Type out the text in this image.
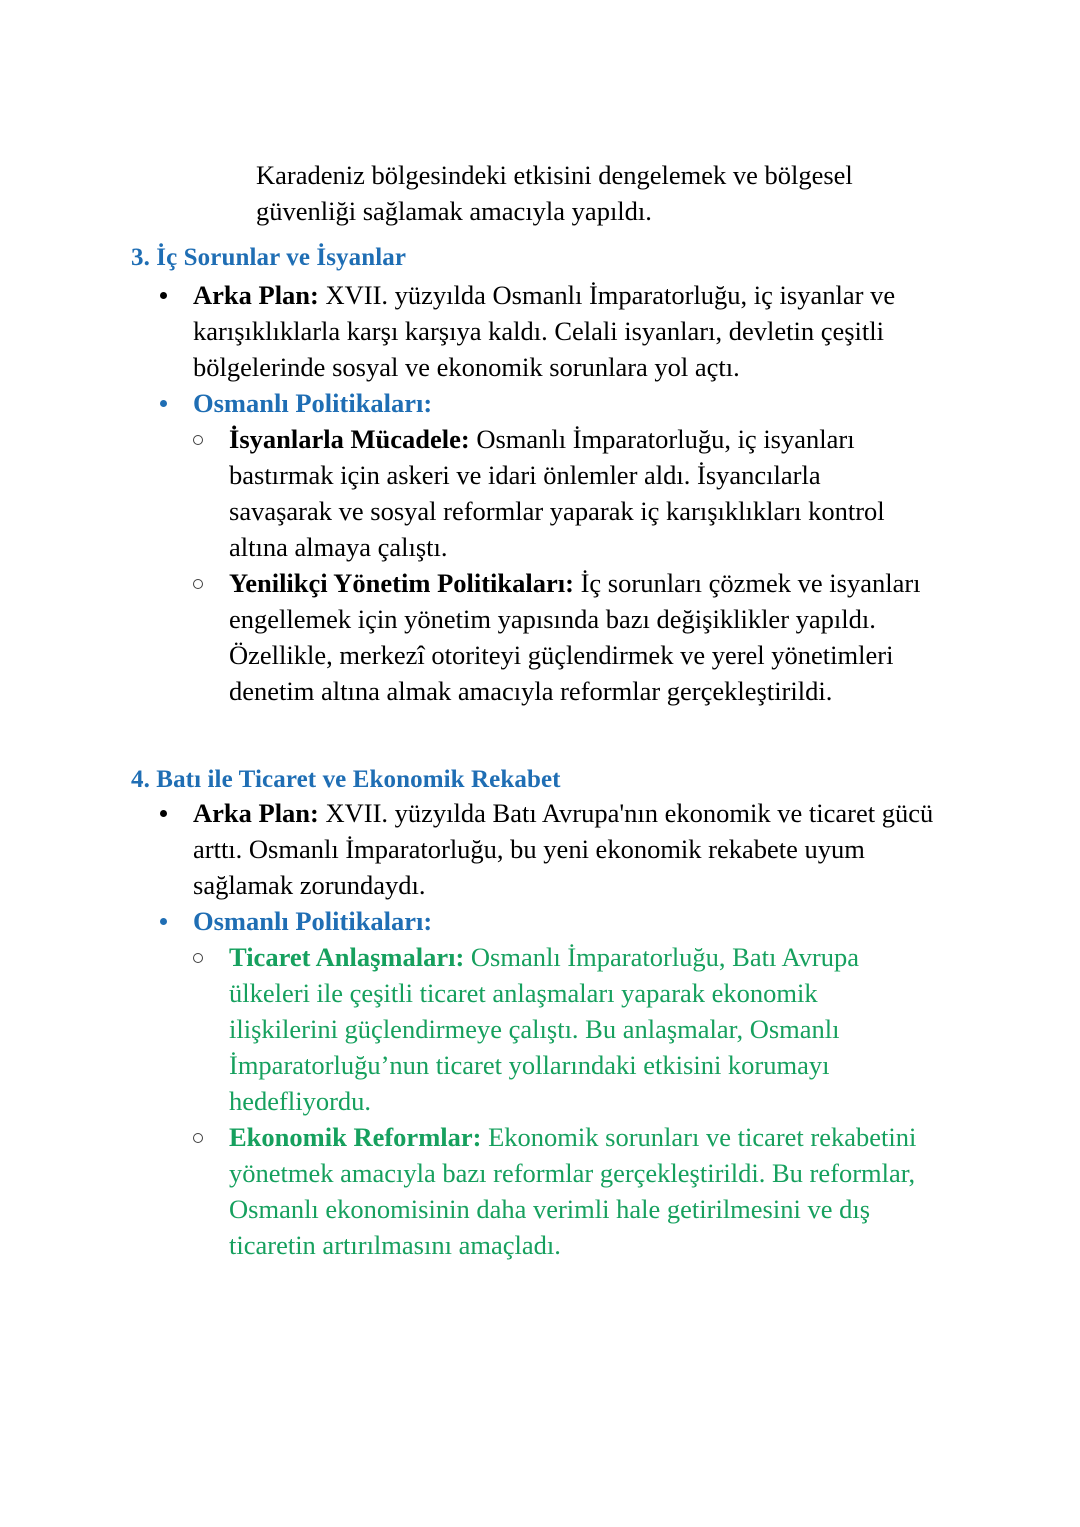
Karadeniz bölgesindeki etkisini dengelemek ve bölgesel güvenliği sağlamak amacıyla yapıldı.

3. İç Sorunlar ve İsyanlar
Arka Plan: XVII. yüzyılda Osmanlı İmparatorluğu, iç isyanlar ve karışıklıklarla karşı karşıya kaldı. Celali isyanları, devletin çeşitli bölgelerinde sosyal ve ekonomik sorunlara yol açtı.
Osmanlı Politikaları:
İsyanlarla Mücadele: Osmanlı İmparatorluğu, iç isyanları bastırmak için askeri ve idari önlemler aldı. İsyancılarla savaşarak ve sosyal reformlar yaparak iç karışıklıkları kontrol altına almaya çalıştı.
Yenilikçi Yönetim Politikaları: İç sorunları çözmek ve isyanları engellemek için yönetim yapısında bazı değişiklikler yapıldı. Özellikle, merkezî otoriteyi güçlendirmek ve yerel yönetimleri denetim altına almak amacıyla reformlar gerçekleştirildi.
4. Batı ile Ticaret ve Ekonomik Rekabet
Arka Plan: XVII. yüzyılda Batı Avrupa'nın ekonomik ve ticaret gücü arttı. Osmanlı İmparatorluğu, bu yeni ekonomik rekabete uyum sağlamak zorundaydı.
Osmanlı Politikaları:
Ticaret Anlaşmaları: Osmanlı İmparatorluğu, Batı Avrupa ülkeleri ile çeşitli ticaret anlaşmaları yaparak ekonomik ilişkilerini güçlendirmeye çalıştı. Bu anlaşmalar, Osmanlı İmparatorluğu’nun ticaret yollarındaki etkisini korumayı hedefliyordu.
Ekonomik Reformlar: Ekonomik sorunları ve ticaret rekabetini yönetmek amacıyla bazı reformlar gerçekleştirildi. Bu reformlar, Osmanlı ekonomisinin daha verimli hale getirilmesini ve dış ticaretin artırılmasını amaçladı.
